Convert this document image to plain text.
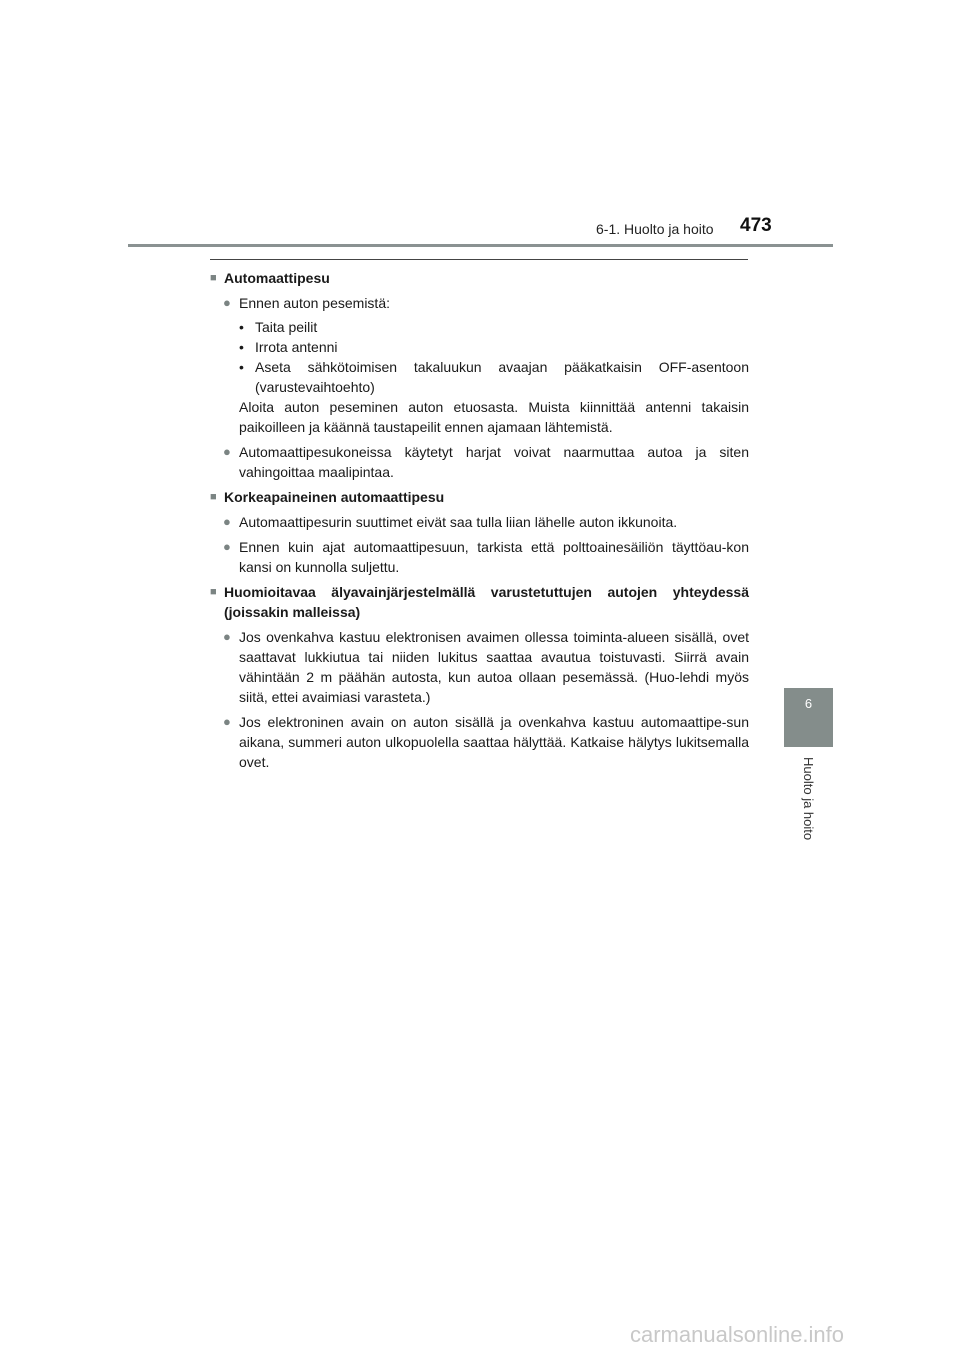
6-1. Huolto ja hoito 473
6
Huolto ja hoito
■ Automaattipesu
● Ennen auton pesemistä:
• Taita peilit
• Irrota antenni
• Aseta sähkötoimisen takaluukun avaajan pääkatkaisin OFF-asentoon (varustevaihtoehto)
Aloita auton peseminen auton etuosasta. Muista kiinnittää antenni takaisin paikoilleen ja käännä taustapeilit ennen ajamaan lähtemistä.
● Automaattipesukoneissa käytetyt harjat voivat naarmuttaa autoa ja siten vahingoittaa maalipintaa.
■ Korkeapaineinen automaattipesu
● Automaattipesurin suuttimet eivät saa tulla liian lähelle auton ikkunoita.
● Ennen kuin ajat automaattipesuun, tarkista että polttoainesäiliön täyttöau-kon kansi on kunnolla suljettu.
■ Huomioitavaa älyavainjärjestelmällä varustetuttujen autojen yhteydessä (joissakin malleissa)
● Jos ovenkahva kastuu elektronisen avaimen ollessa toiminta-alueen sisällä, ovet saattavat lukkiutua tai niiden lukitus saattaa avautua toistuvasti. Siirrä avain vähintään 2 m päähän autosta, kun autoa ollaan pesemässä. (Huo-lehdi myös siitä, ettei avaimiasi varasteta.)
● Jos elektroninen avain on auton sisällä ja ovenkahva kastuu automaattipe-sun aikana, summeri auton ulkopuolella saattaa hälyttää. Katkaise hälytys lukitsemalla ovet.
carmanualsonline.info
